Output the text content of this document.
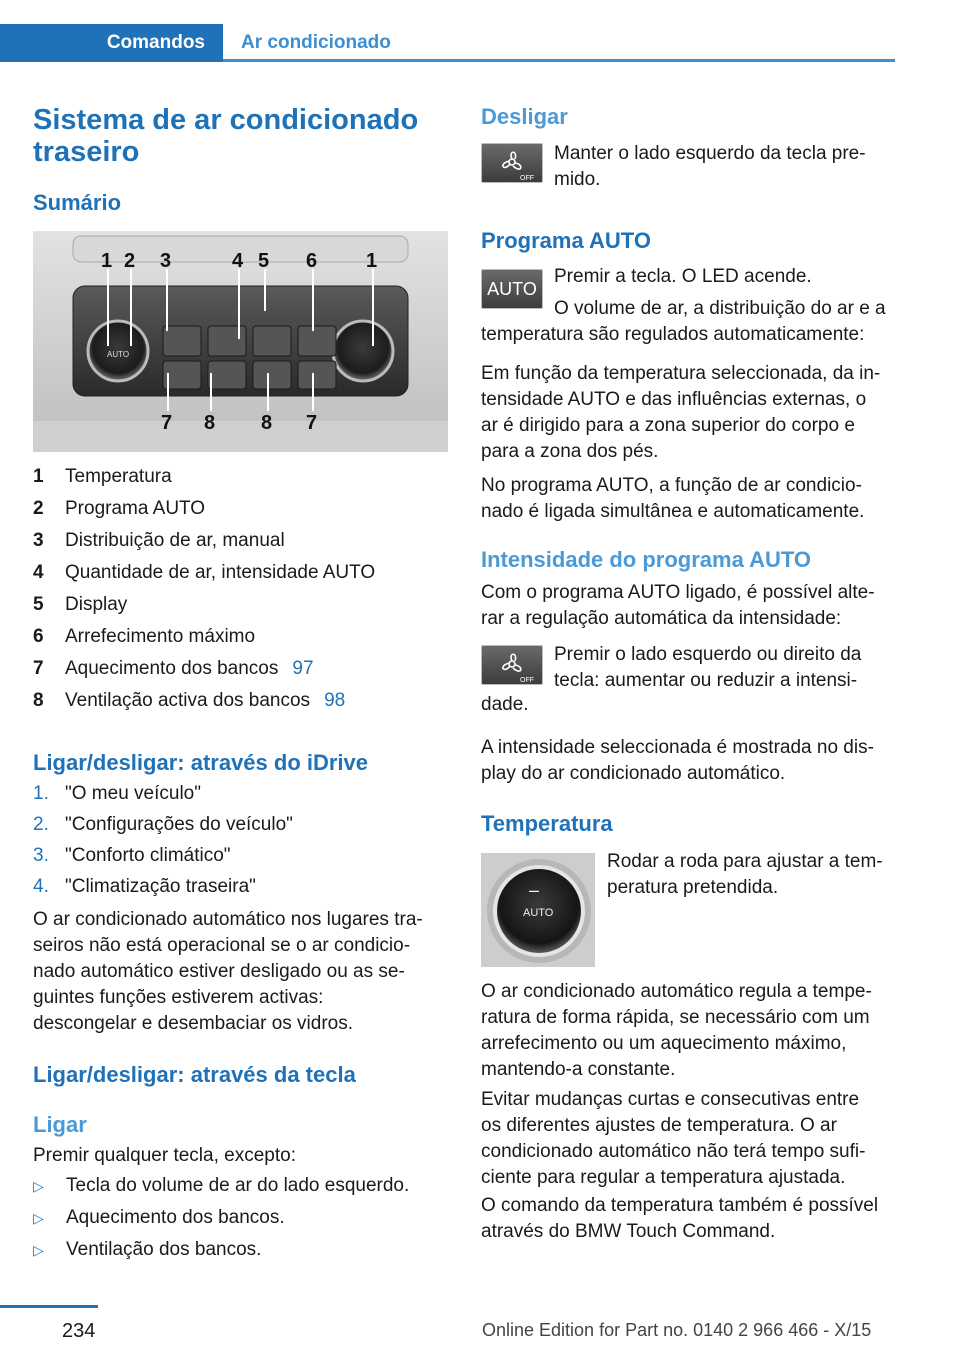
Comandos	Ar condicionado
Sistema de ar condicionado
traseiro
Sumário
1 2 3	4 5 6 1
7 8 8 7
AUTO
1 Temperatura
2 Programa AUTO
3 Distribuição de ar, manual
4 Quantidade de ar, intensidade AUTO
5 Display
6 Arrefecimento máximo
7 Aquecimento dos bancos 97
8 Ventilação activa dos bancos 98
Ligar/desligar: através do iDrive
1. "O meu veículo"
2. "Configurações do veículo"
3. "Conforto climático"
4. "Climatização traseira"
O ar condicionado automático nos lugares tra-
seiros não está operacional se o ar condicio-
nado automático estiver desligado ou as se-
guintes funções estiverem activas:
descongelar e desembaciar os vidros.
Ligar/desligar: através da tecla
Ligar
Premir qualquer tecla, excepto:
▷ Tecla do volume de ar do lado esquerdo.
▷ Aquecimento dos bancos.
▷ Ventilação dos bancos.
Desligar
OFF
Manter o lado esquerdo da tecla pre-
mido.
Programa AUTO
AUTO
Premir a tecla. O LED acende.
O volume de ar, a distribuição do ar e a
temperatura são regulados automaticamente:
Em função da temperatura seleccionada, da in-
tensidade AUTO e das influências externas, o
ar é dirigido para a zona superior do corpo e
para a zona dos pés.
No programa AUTO, a função de ar condicio-
nado é ligada simultânea e automaticamente.
Intensidade do programa AUTO
Com o programa AUTO ligado, é possível alte-
rar a regulação automática da intensidade:
OFF
Premir o lado esquerdo ou direito da
tecla: aumentar ou reduzir a intensi-
dade.
A intensidade seleccionada é mostrada no dis-
play do ar condicionado automático.
Temperatura
–
AUTO
Rodar a roda para ajustar a tem-
peratura pretendida.
O ar condicionado automático regula a tempe-
ratura de forma rápida, se necessário com um
arrefecimento ou um aquecimento máximo,
mantendo-a constante.
Evitar mudanças curtas e consecutivas entre
os diferentes ajustes de temperatura. O ar
condicionado automático não terá tempo sufi-
ciente para regular a temperatura ajustada.
O comando da temperatura também é possível
através do BMW Touch Command.
234	Online Edition for Part no. 0140 2 966 466 - X/15
